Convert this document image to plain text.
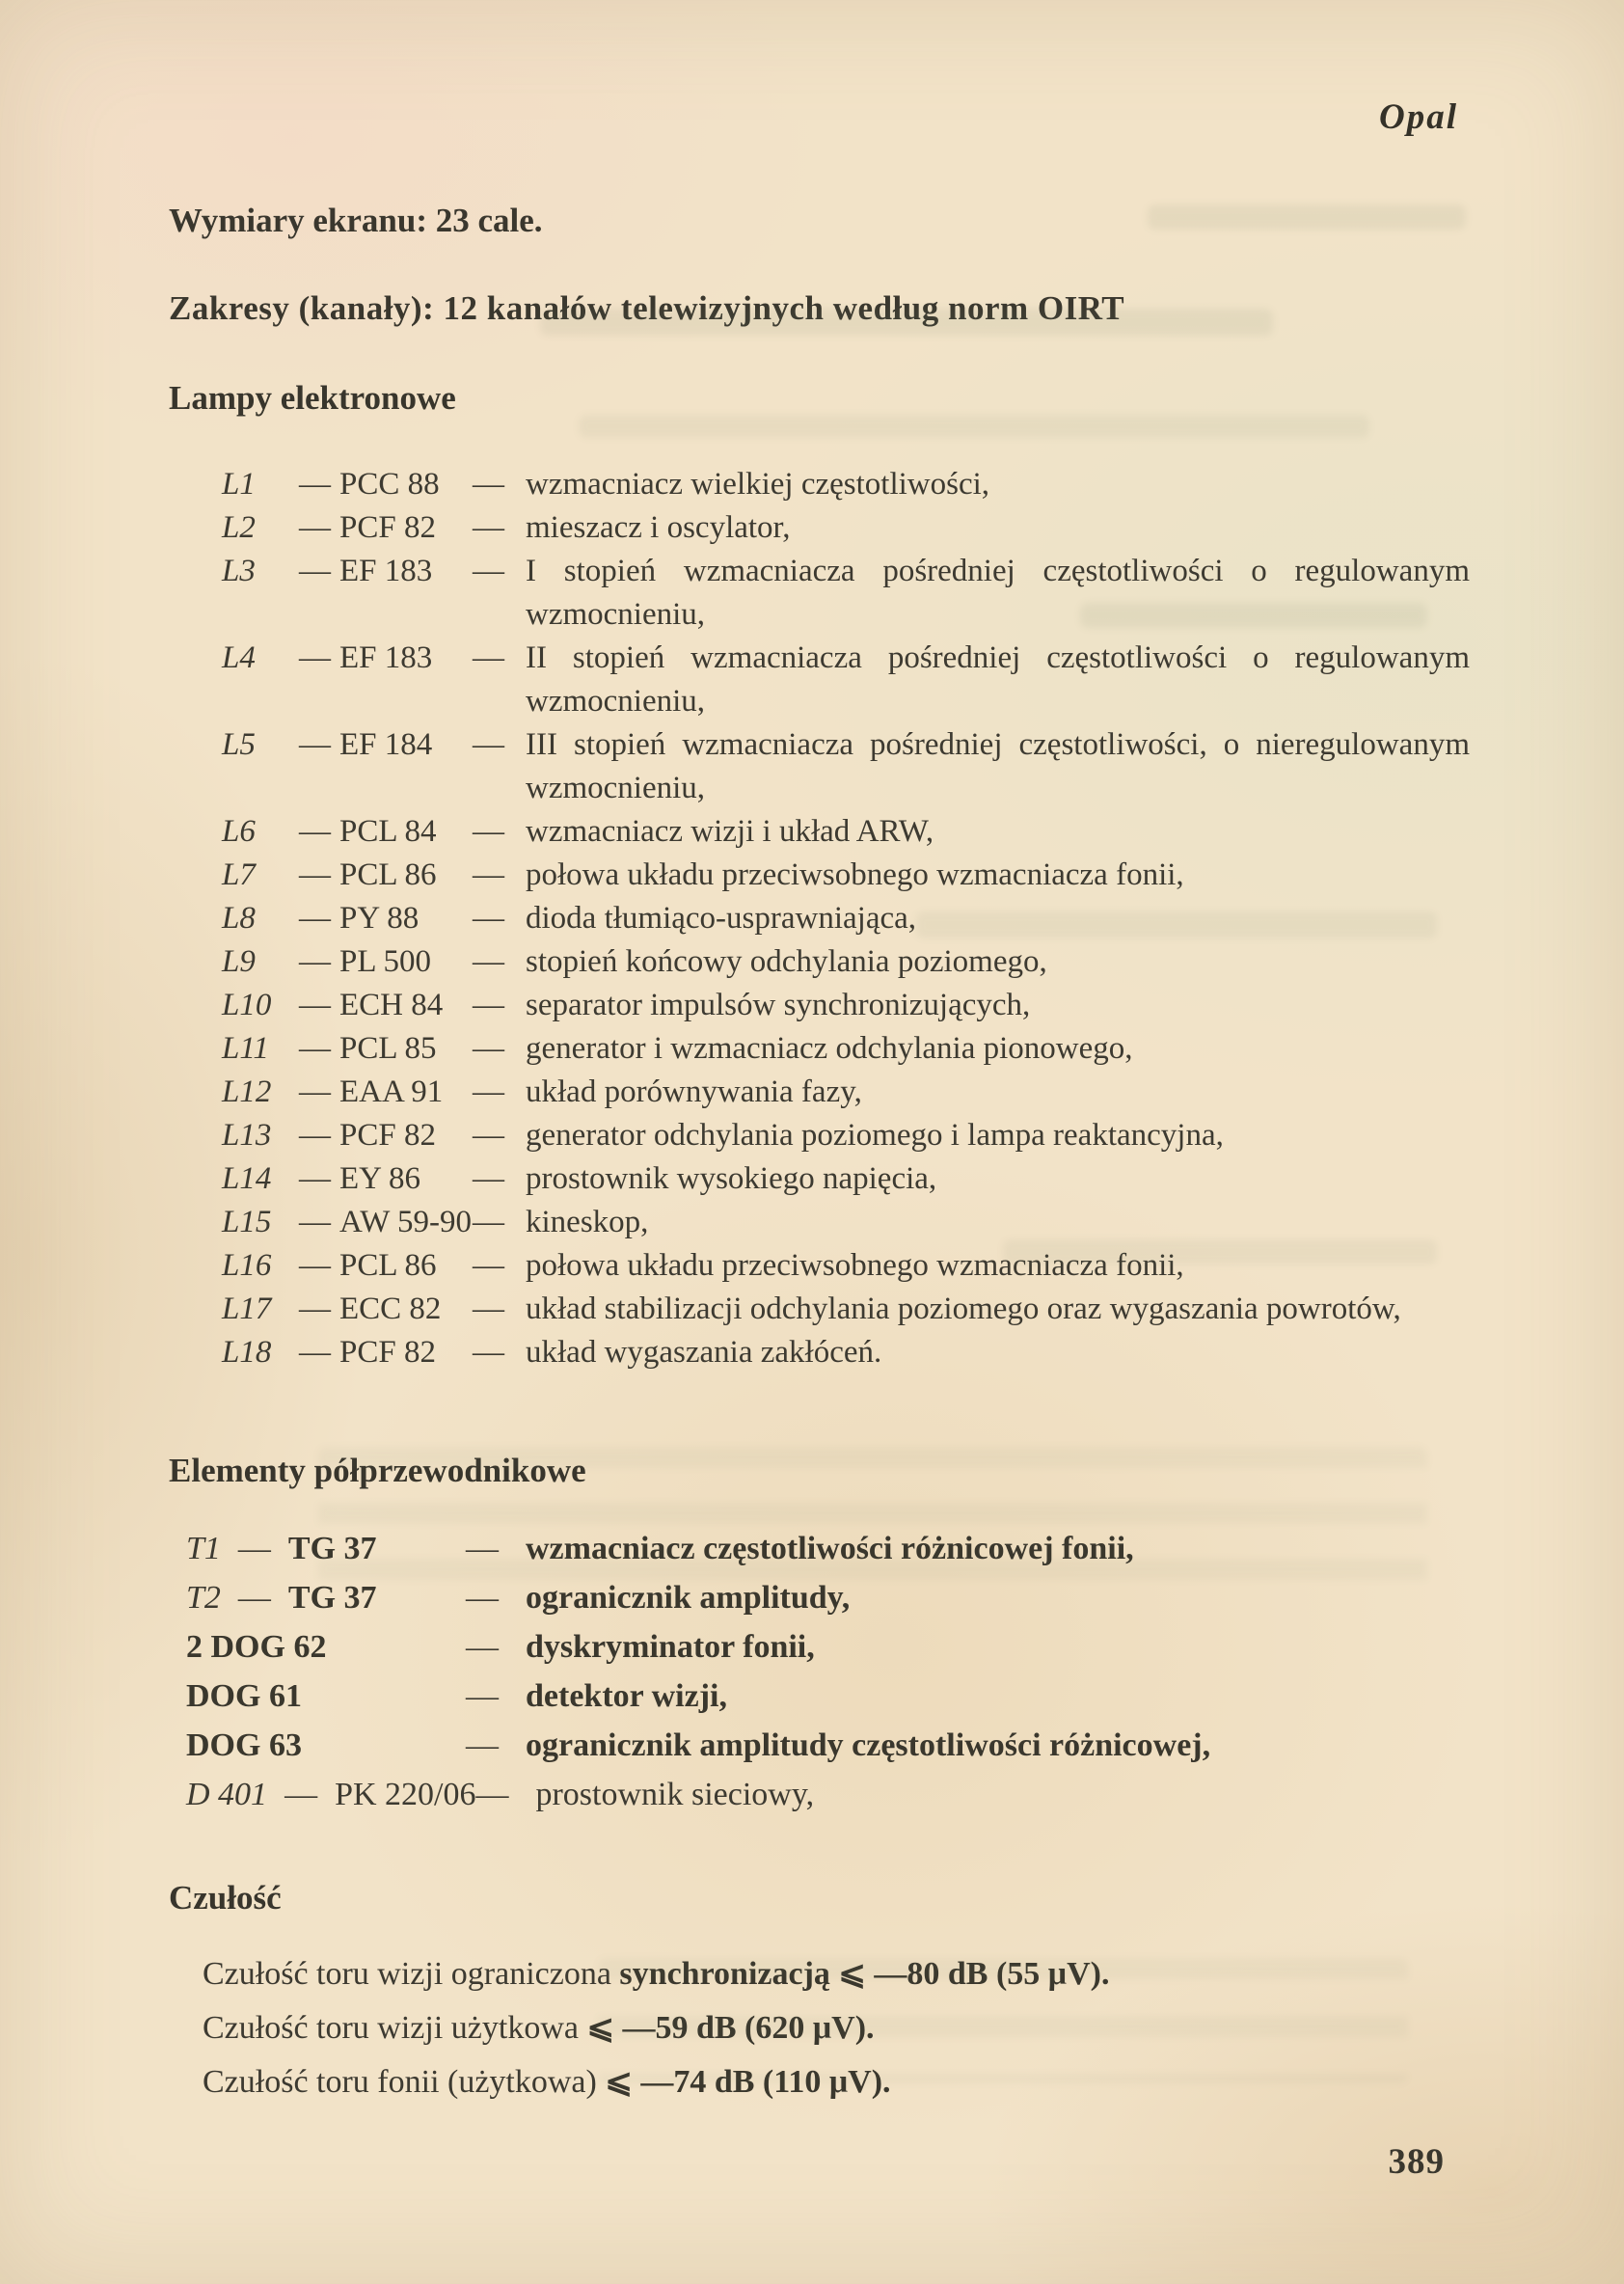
Opal
Wymiary ekranu: 23 cale.
Zakresy (kanały): 12 kanałów telewizyjnych według norm OIRT
Lampy elektronowe
L1	— PCC 88	— wzmacniacz wielkiej częstotliwości,
L2	— PCF 82	— mieszacz i oscylator,
L3	— EF 183	— I stopień wzmacniacza pośredniej częstotliwości o regulowanym wzmocnieniu,
L4	— EF 183	— II stopień wzmacniacza pośredniej częstotliwości o regulowanym wzmocnieniu,
L5	— EF 184	— III stopień wzmacniacza pośredniej częstotliwości, o nieregulowanym wzmocnieniu,
L6	— PCL 84	— wzmacniacz wizji i układ ARW,
L7	— PCL 86	— połowa układu przeciwsobnego wzmacniacza fonii,
L8	— PY 88	— dioda tłumiąco-usprawniająca,
L9	— PL 500	— stopień końcowy odchylania poziomego,
L10 — ECH 84 — separator impulsów synchronizujących,
L11 — PCL 85	— generator i wzmacniacz odchylania pionowego,
L12 — EAA 91 — układ porównywania fazy,
L13 — PCF 82	— generator odchylania poziomego i lampa reaktancyjna,
L14 — EY 86	— prostownik wysokiego napięcia,
L15 — AW 59-90 — kineskop,
L16 — PCL 86	— połowa układu przeciwsobnego wzmacniacza fonii,
L17 — ECC 82 — układ stabilizacji odchylania poziomego oraz wygaszania powrotów,
L18 — PCF 82	— układ wygaszania zakłóceń.
Elementy półprzewodnikowe
T1 — TG 37	— wzmacniacz częstotliwości różnicowej fonii,
T2 — TG 37	— ogranicznik amplitudy,
2 DOG 62	— dyskryminator fonii,
DOG 61	— detektor wizji,
DOG 63	— ogranicznik amplitudy częstotliwości różnicowej,
D 401 — PK 220/06 — prostownik sieciowy,
Czułość
Czułość toru wizji ograniczona synchronizacją ⩽ —80 dB (55 μV).
Czułość toru wizji użytkowa ⩽ —59 dB (620 μV).
Czułość toru fonii (użytkowa) ⩽ —74 dB (110 μV).
389
